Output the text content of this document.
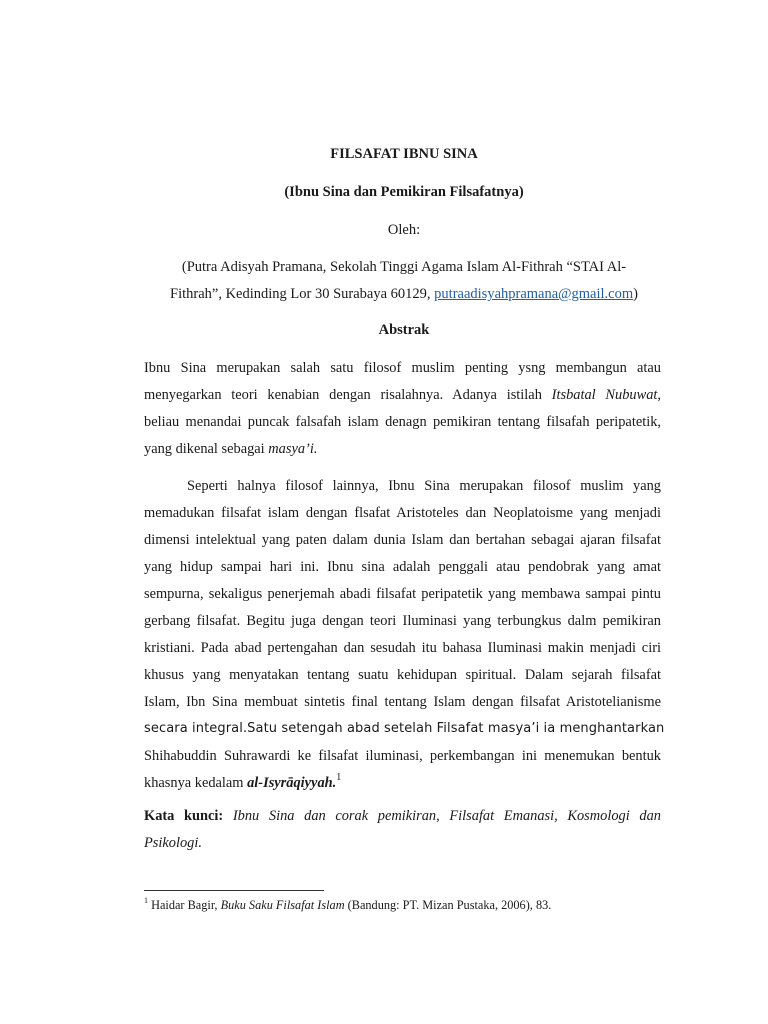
FILSAFAT IBNU SINA
(Ibnu Sina dan Pemikiran Filsafatnya)
Oleh:
(Putra Adisyah Pramana, Sekolah Tinggi Agama Islam Al-Fithrah “STAI Al-
Fithrah”, Kedinding Lor 30 Surabaya 60129, putraadisyahpramana@gmail.com)
Abstrak
Ibnu Sina merupakan salah satu filosof muslim penting ysng membangun atau
menyegarkan teori kenabian dengan risalahnya. Adanya istilah Itsbatal Nubuwat,
beliau menandai puncak falsafah islam denagn pemikiran tentang filsafah peripatetik,
yang dikenal sebagai masya’i.
Seperti halnya filosof lainnya, Ibnu Sina merupakan filosof muslim yang
memadukan filsafat islam dengan flsafat Aristoteles dan Neoplatoisme yang menjadi
dimensi intelektual yang paten dalam dunia Islam dan bertahan sebagai ajaran filsafat
yang hidup sampai hari ini. Ibnu sina adalah penggali atau pendobrak yang amat
sempurna, sekaligus penerjemah abadi filsafat peripatetik yang membawa sampai pintu
gerbang filsafat. Begitu juga dengan teori Iluminasi yang terbungkus dalm pemikiran
kristiani. Pada abad pertengahan dan sesudah itu bahasa Iluminasi makin menjadi ciri
khusus yang menyatakan tentang suatu kehidupan spiritual. Dalam sejarah filsafat
Islam, Ibn Sina membuat sintetis final tentang Islam dengan filsafat Aristotelianisme
secara integral.Satu setengah abad setelah Filsafat masya’i ia menghantarkan
Shihabuddin Suhrawardi ke filsafat iluminasi, perkembangan ini menemukan bentuk
khasnya kedalam al-Isyrāqiyyah.$^1$
Kata kunci: Ibnu Sina dan corak pemikiran, Filsafat Emanasi, Kosmologi dan
Psikologi.
$^1$ Haidar Bagir, Buku Saku Filsafat Islam (Bandung: PT. Mizan Pustaka, 2006), 83.
